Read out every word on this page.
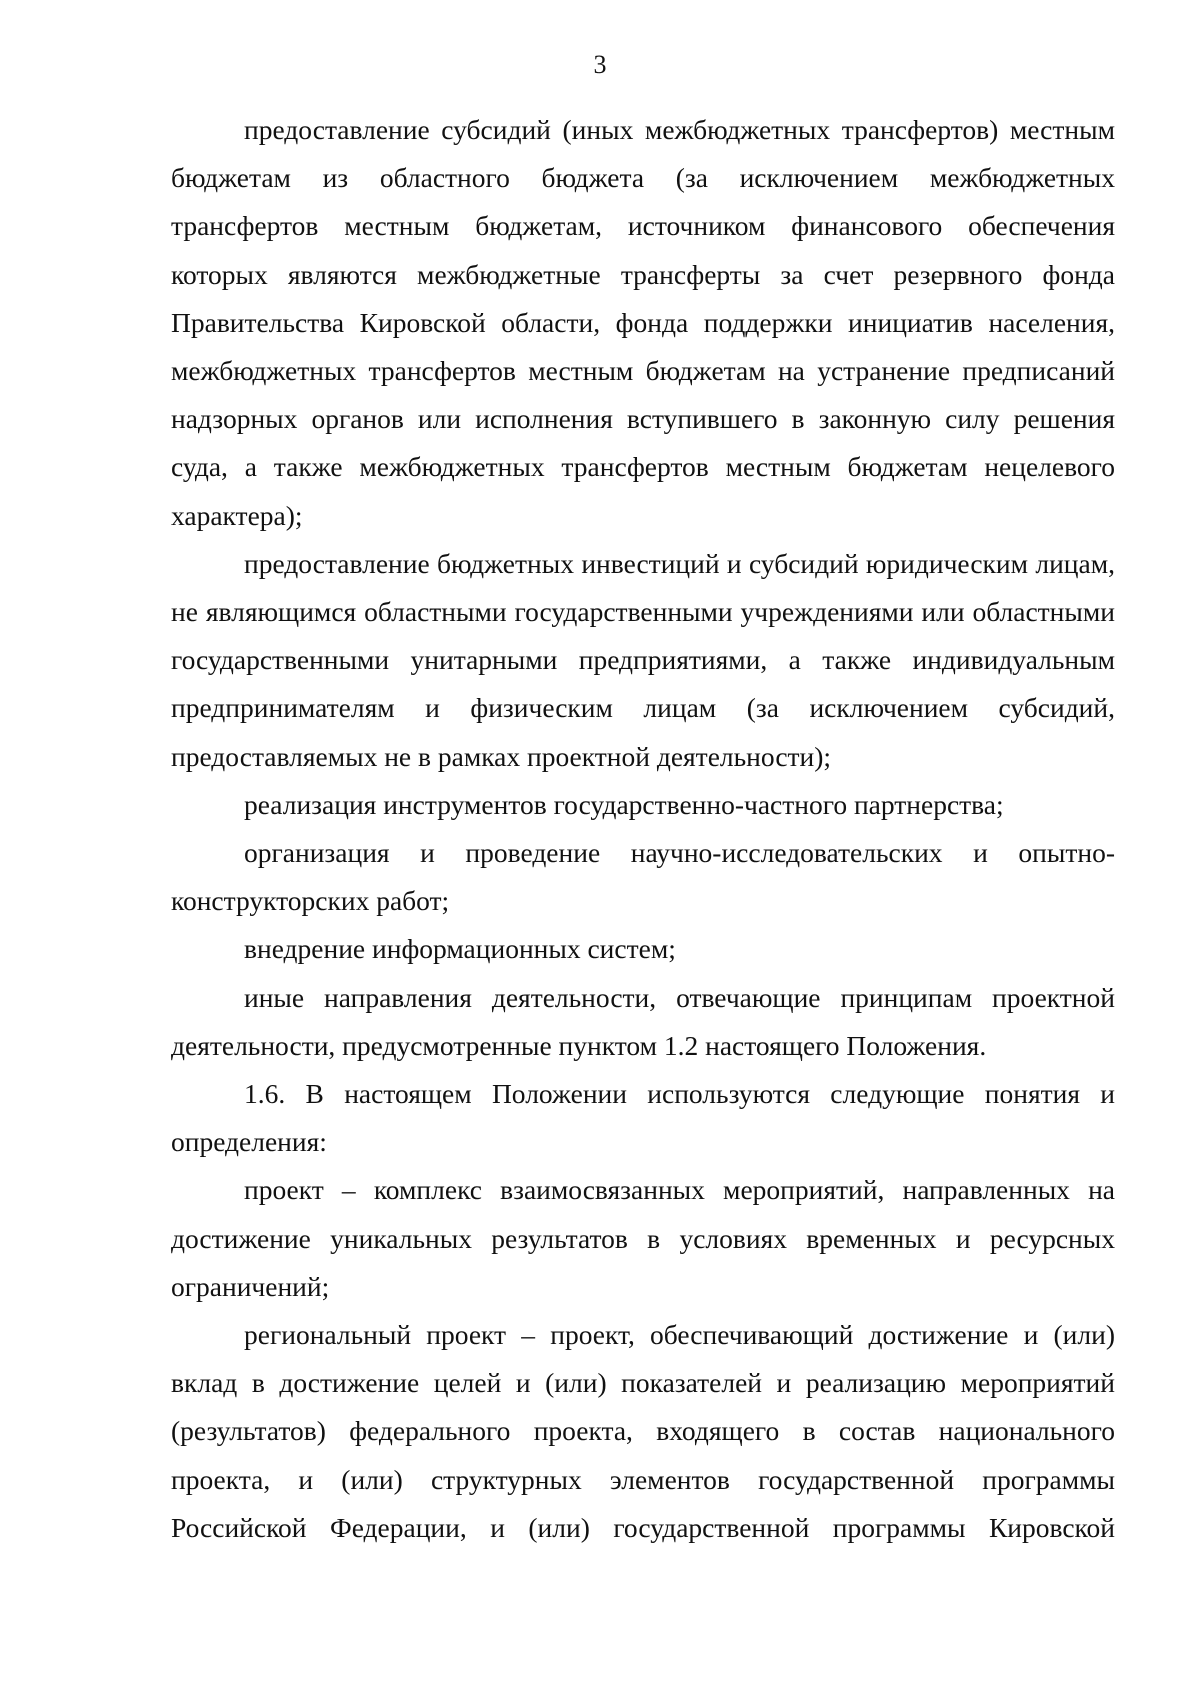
3

предоставление субсидий (иных межбюджетных трансфертов) местным бюджетам из областного бюджета (за исключением межбюджетных трансфертов местным бюджетам, источником финансового обеспечения которых являются межбюджетные трансферты за счет резервного фонда Правительства Кировской области, фонда поддержки инициатив населения, межбюджетных трансфертов местным бюджетам на устранение предписаний надзорных органов или исполнения вступившего в законную силу решения суда, а также межбюджетных трансфертов местным бюджетам нецелевого характера);

предоставление бюджетных инвестиций и субсидий юридическим лицам, не являющимся областными государственными учреждениями или областными государственными унитарными предприятиями, а также индивидуальным предпринимателям и физическим лицам (за исключением субсидий, предоставляемых не в рамках проектной деятельности);

реализация инструментов государственно-частного партнерства;

организация и проведение научно-исследовательских и опытно-конструкторских работ;

внедрение информационных систем;

иные направления деятельности, отвечающие принципам проектной деятельности, предусмотренные пунктом 1.2 настоящего Положения.

1.6. В настоящем Положении используются следующие понятия и определения:

проект – комплекс взаимосвязанных мероприятий, направленных на достижение уникальных результатов в условиях временных и ресурсных ограничений;

региональный проект – проект, обеспечивающий достижение и (или) вклад в достижение целей и (или) показателей и реализацию мероприятий (результатов) федерального проекта, входящего в состав национального проекта, и (или) структурных элементов государственной программы Российской Федерации, и (или) государственной программы Кировской
